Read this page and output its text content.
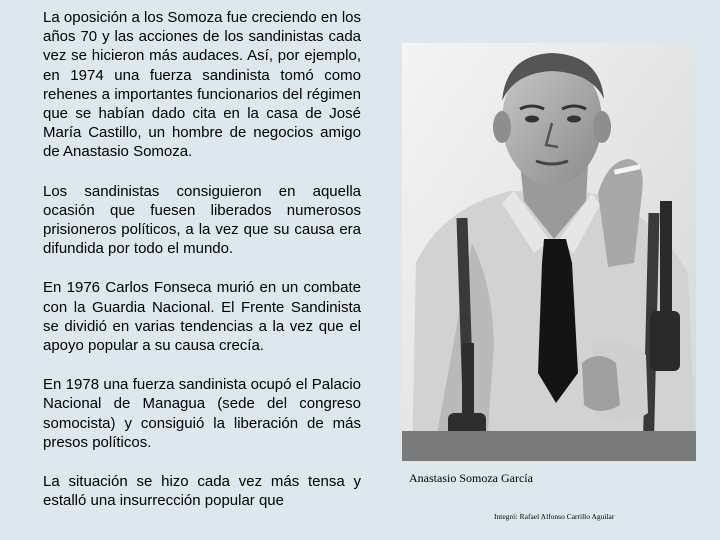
La oposición a los Somoza fue creciendo en los años 70 y las acciones de los sandinistas cada vez se hicieron más audaces. Así, por ejemplo, en 1974 una fuerza sandinista tomó como rehenes a importantes funcionarios del régimen que se habían dado cita en la casa de José María Castillo, un hombre de negocios amigo de Anastasio Somoza.

Los sandinistas consiguieron en aquella ocasión que fuesen liberados numerosos prisioneros políticos, a la vez que su causa era difundida por todo el mundo.

En 1976 Carlos Fonseca murió en un combate con la Guardia Nacional. El Frente Sandinista se dividió en varias tendencias a la vez que el apoyo popular a su causa crecía.

En 1978 una fuerza sandinista ocupó el Palacio Nacional de Managua (sede del congreso somocista) y consiguió la liberación de más presos políticos.

La situación se hizo cada vez más tensa y estalló una insurrección popular que

Anastasio Somoza García
Integró: Rafael Alfonso Carrillo Aguilar
